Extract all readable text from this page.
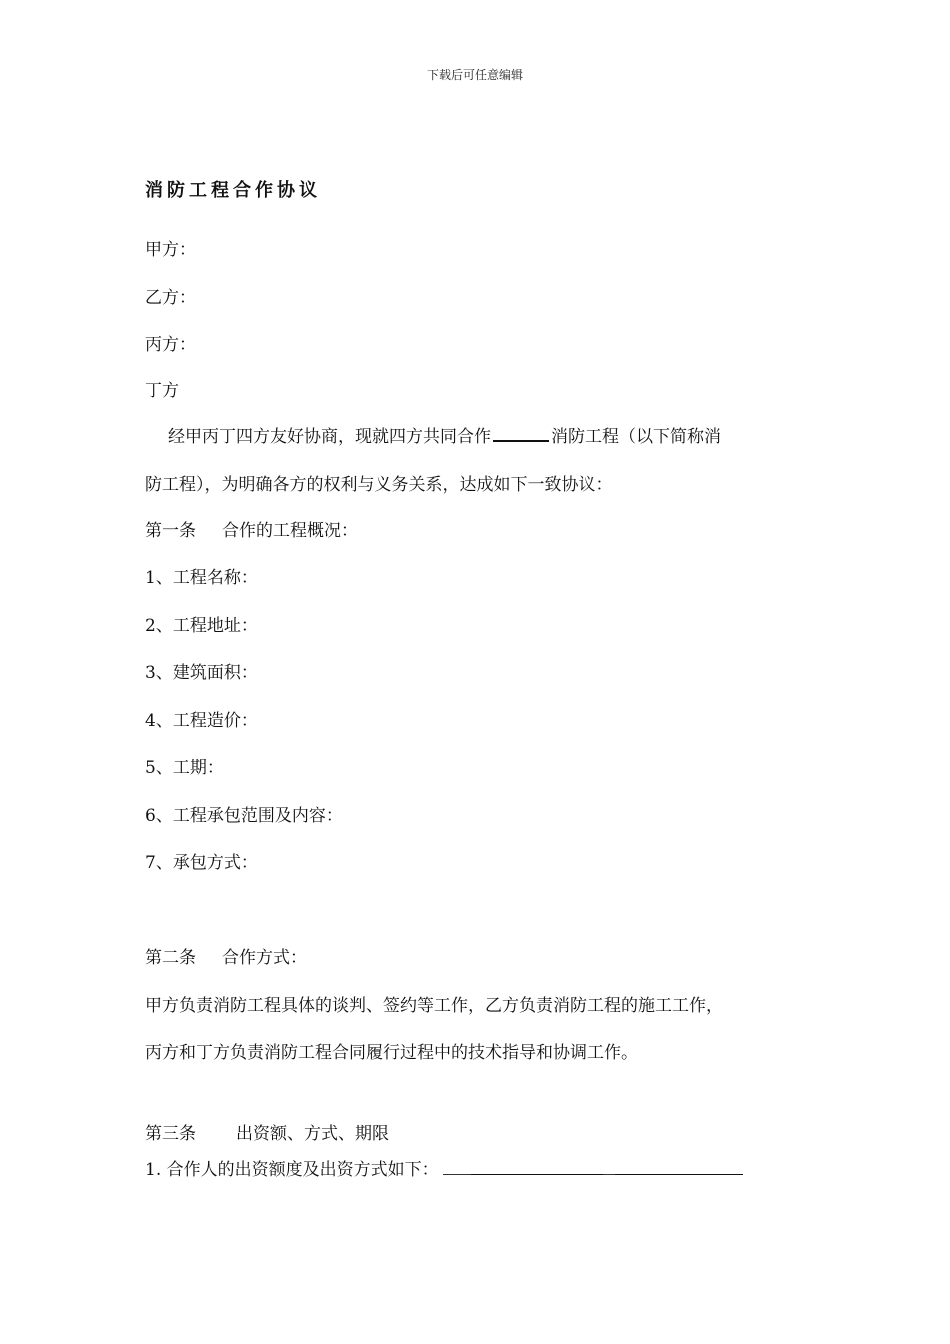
下载后可任意编辑
消防工程合作协议
甲方：
乙方：
丙方：
丁方
经甲丙丁四方友好协商，现就四方共同合作	消防工程（以下简称消
防工程），为明确各方的权利与义务关系，达成如下一致协议：
第一条 合作的工程概况：
1、工程名称：
2、工程地址：
3、建筑面积：
4、工程造价：
5、工期：
6、工程承包范围及内容：
7、承包方式：
第二条 合作方式：
甲方负责消防工程具体的谈判、签约等工作，乙方负责消防工程的施工工作，
丙方和丁方负责消防工程合同履行过程中的技术指导和协调工作。
第三条 出资额、方式、期限
1. 合作人的出资额度及出资方式如下：
